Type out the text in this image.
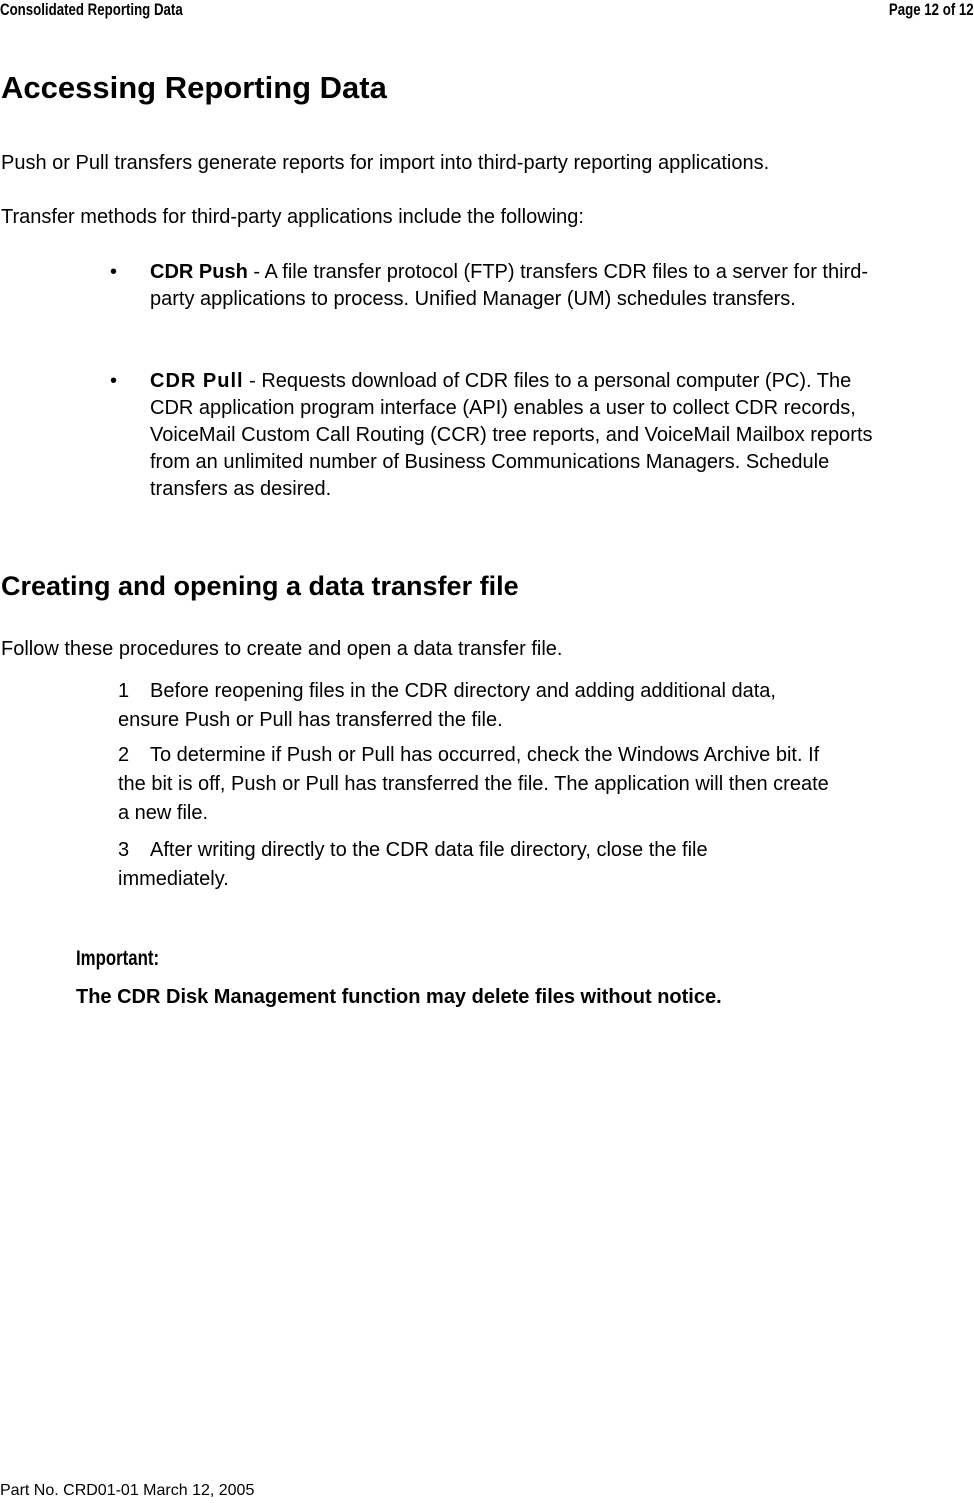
Consolidated Reporting Data	Page 12 of 12
Accessing Reporting Data
Push or Pull transfers generate reports for import into third-party reporting applications.
Transfer methods for third-party applications include the following:
• CDR Push - A file transfer protocol (FTP) transfers CDR files to a server for third-party applications to process. Unified Manager (UM) schedules transfers.
• CDR Pull - Requests download of CDR files to a personal computer (PC). The CDR application program interface (API) enables a user to collect CDR records, VoiceMail Custom Call Routing (CCR) tree reports, and VoiceMail Mailbox reports from an unlimited number of Business Communications Managers. Schedule transfers as desired.
Creating and opening a data transfer file
Follow these procedures to create and open a data transfer file.
1 Before reopening files in the CDR directory and adding additional data, ensure Push or Pull has transferred the file.
2 To determine if Push or Pull has occurred, check the Windows Archive bit. If the bit is off, Push or Pull has transferred the file. The application will then create a new file.
3 After writing directly to the CDR data file directory, close the file immediately.
Important:
The CDR Disk Management function may delete files without notice.
Part No. CRD01-01 March 12, 2005
